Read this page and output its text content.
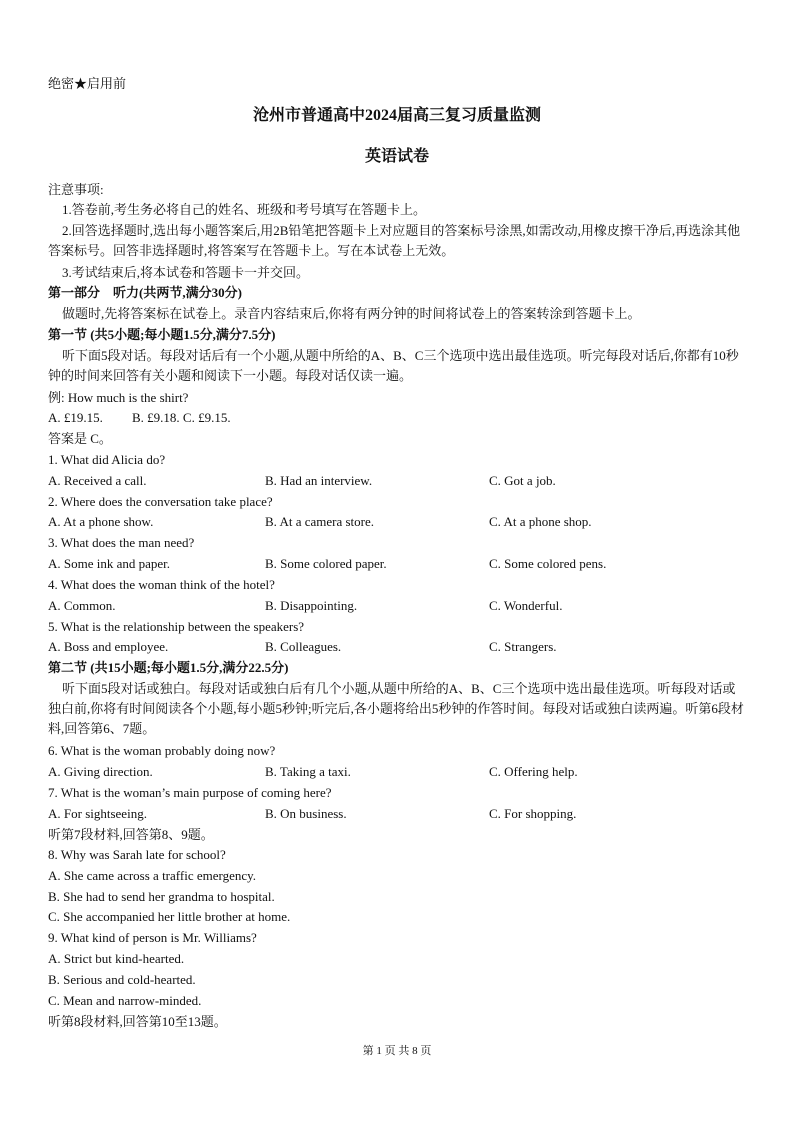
绝密★启用前
沧州市普通高中2024届高三复习质量监测
英语试卷
注意事项:
1.答卷前,考生务必将自己的姓名、班级和考号填写在答题卡上。
2.回答选择题时,选出每小题答案后,用2B铅笔把答题卡上对应题目的答案标号涂黑,如需改动,用橡皮擦干净后,再选涂其他答案标号。回答非选择题时,将答案写在答题卡上。写在本试卷上无效。
3.考试结束后,将本试卷和答题卡一并交回。
第一部分　听力(共两节,满分30分)
做题时,先将答案标在试卷上。录音内容结束后,你将有两分钟的时间将试卷上的答案转涂到答题卡上。
第一节 (共5小题;每小题1.5分,满分7.5分)
听下面5段对话。每段对话后有一个小题,从题中所给的A、B、C三个选项中选出最佳选项。听完每段对话后,你都有10秒钟的时间来回答有关小题和阅读下一小题。每段对话仅读一遍。
例: How much is the shirt?
A. £19.15. B. £9.18. C. £9.15.
答案是 C。
1. What did Alicia do?
A. Received a call.	B. Had an interview.	C. Got a job.
2. Where does the conversation take place?
A. At a phone show.	B. At a camera store.	C. At a phone shop.
3. What does the man need?
A. Some ink and paper.	B. Some colored paper.	C. Some colored pens.
4. What does the woman think of the hotel?
A. Common.	B. Disappointing.	C. Wonderful.
5. What is the relationship between the speakers?
A. Boss and employee.	B. Colleagues.	C. Strangers.
第二节 (共15小题;每小题1.5分,满分22.5分)
听下面5段对话或独白。每段对话或独白后有几个小题,从题中所给的A、B、C三个选项中选出最佳选项。听每段对话或独白前,你将有时间阅读各个小题,每小题5秒钟;听完后,各小题将给出5秒钟的作答时间。每段对话或独白读两遍。听第6段材料,回答第6、7题。
6. What is the woman probably doing now?
A. Giving direction.	B. Taking a taxi.	C. Offering help.
7. What is the woman’s main purpose of coming here?
A. For sightseeing.	B. On business.	C. For shopping.
听第7段材料,回答第8、9题。
8. Why was Sarah late for school?
A. She came across a traffic emergency.
B. She had to send her grandma to hospital.
C. She accompanied her little brother at home.
9. What kind of person is Mr. Williams?
A. Strict but kind-hearted.
B. Serious and cold-hearted.
C. Mean and narrow-minded.
听第8段材料,回答第10至13题。
第 1 页 共 8 页
